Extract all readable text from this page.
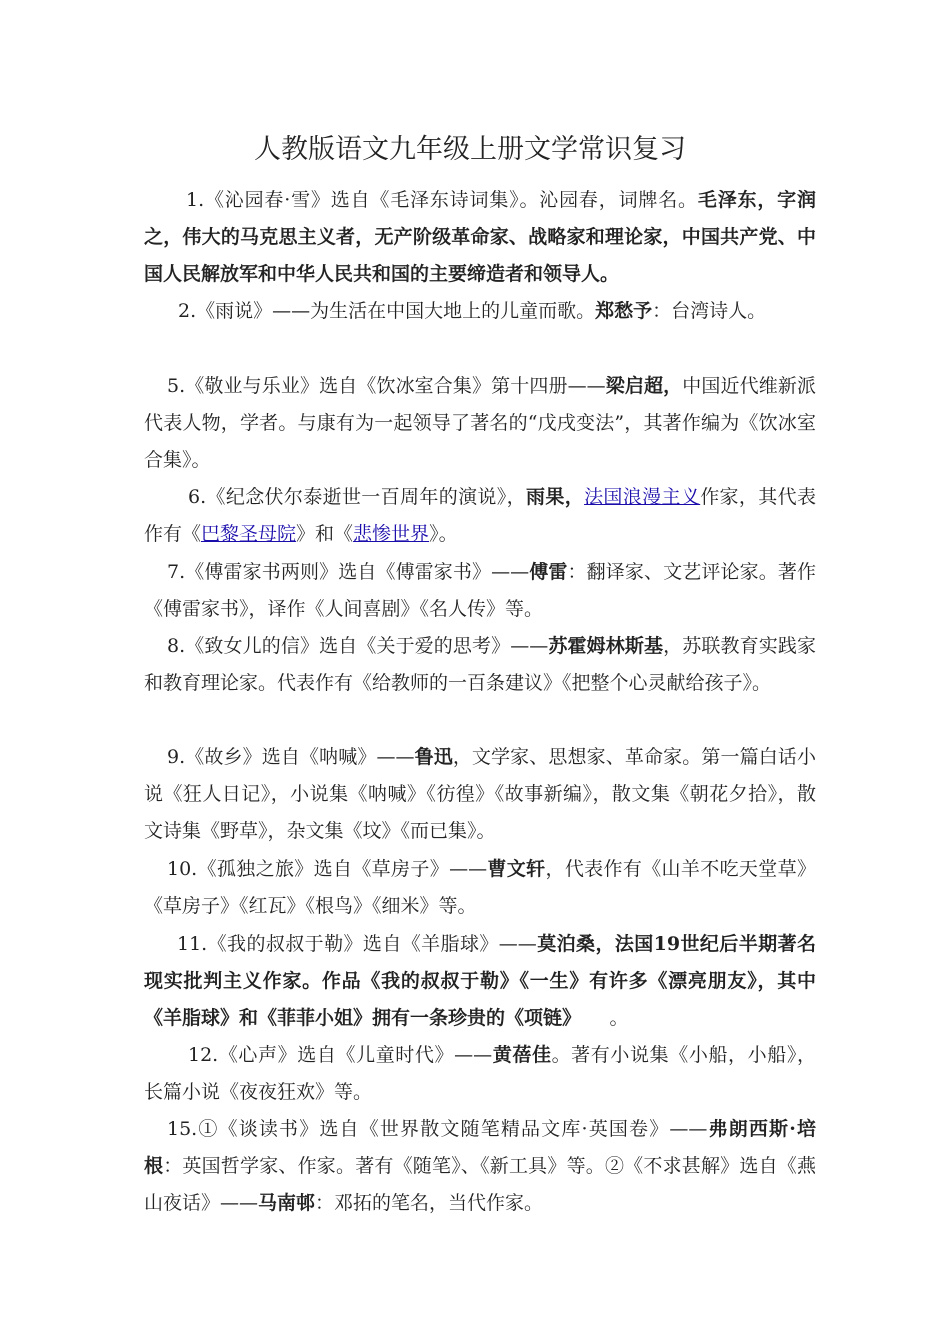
人教版语文九年级上册文学常识复习
1.《沁园春·雪》选自《毛泽东诗词集》。沁园春，词牌名。毛泽东，字润之，伟大的马克思主义者，无产阶级革命家、战略家和理论家，中国共产党、中国人民解放军和中华人民共和国的主要缔造者和领导人。
2.《雨说》——为生活在中国大地上的儿童而歌。郑愁予：台湾诗人。
5.《敬业与乐业》选自《饮冰室合集》第十四册——梁启超，中国近代维新派代表人物，学者。与康有为一起领导了著名的“戊戌变法”，其著作编为《饮冰室合集》。
6.《纪念伏尔泰逝世一百周年的演说》，雨果，法国浪漫主义作家，其代表作有《巴黎圣母院》和《悲惨世界》。
7.《傅雷家书两则》选自《傅雷家书》——傅雷：翻译家、文艺评论家。著作《傅雷家书》，译作《人间喜剧》《名人传》等。
8.《致女儿的信》选自《关于爱的思考》——苏霍姆林斯基，苏联教育实践家和教育理论家。代表作有《给教师的一百条建议》《把整个心灵献给孩子》。
9.《故乡》选自《呐喊》——鲁迅，文学家、思想家、革命家。第一篇白话小说《狂人日记》，小说集《呐喊》《彷徨》《故事新编》，散文集《朝花夕拾》，散文诗集《野草》，杂文集《坟》《而已集》。
10.《孤独之旅》选自《草房子》——曹文轩，代表作有《山羊不吃天堂草》《草房子》《红瓦》《根鸟》《细米》等。
11.《我的叔叔于勒》选自《羊脂球》——莫泊桑，法国19世纪后半期著名现实批判主义作家。作品《我的叔叔于勒》《一生》有许多《漂亮朋友》，其中《羊脂球》和《菲菲小姐》拥有一条珍贵的《项链》　　。
12.《心声》选自《儿童时代》——黄蓓佳。著有小说集《小船，小船》，长篇小说《夜夜狂欢》等。
15.①《谈读书》选自《世界散文随笔精品文库·英国卷》——弗朗西斯·培根：英国哲学家、作家。著有《随笔》、《新工具》等。②《不求甚解》选自《燕山夜话》——马南邨：邓拓的笔名，当代作家。
